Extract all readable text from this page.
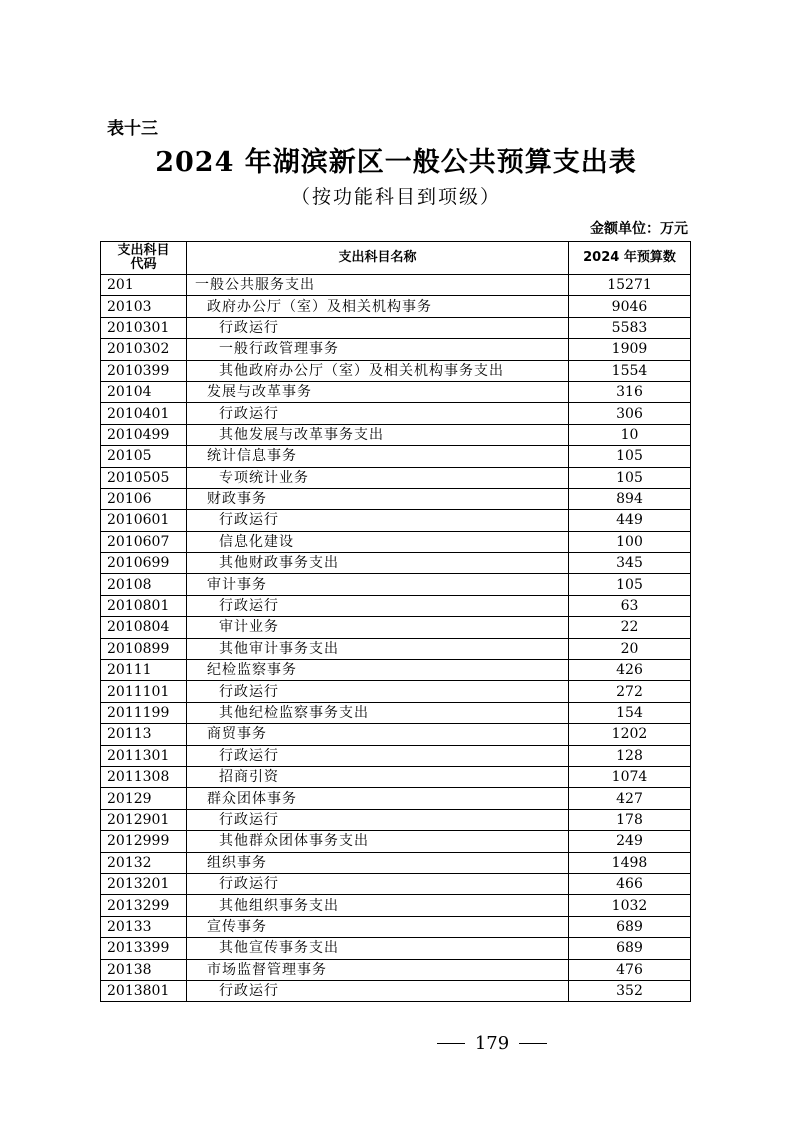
表十三
2024 年湖滨新区一般公共预算支出表
（按功能科目到项级）
金额单位：万元
支出科目
代码	支出科目名称	2024 年预算数
201	一般公共服务支出	15271
20103	政府办公厅（室）及相关机构事务	9046
2010301	行政运行	5583
2010302	一般行政管理事务	1909
2010399	其他政府办公厅（室）及相关机构事务支出	1554
20104	发展与改革事务	316
2010401	行政运行	306
2010499	其他发展与改革事务支出	10
20105	统计信息事务	105
2010505	专项统计业务	105
20106	财政事务	894
2010601	行政运行	449
2010607	信息化建设	100
2010699	其他财政事务支出	345
20108	审计事务	105
2010801	行政运行	63
2010804	审计业务	22
2010899	其他审计事务支出	20
20111	纪检监察事务	426
2011101	行政运行	272
2011199	其他纪检监察事务支出	154
20113	商贸事务	1202
2011301	行政运行	128
2011308	招商引资	1074
20129	群众团体事务	427
2012901	行政运行	178
2012999	其他群众团体事务支出	249
20132	组织事务	1498
2013201	行政运行	466
2013299	其他组织事务支出	1032
20133	宣传事务	689
2013399	其他宣传事务支出	689
20138	市场监督管理事务	476
2013801	行政运行	352
179
